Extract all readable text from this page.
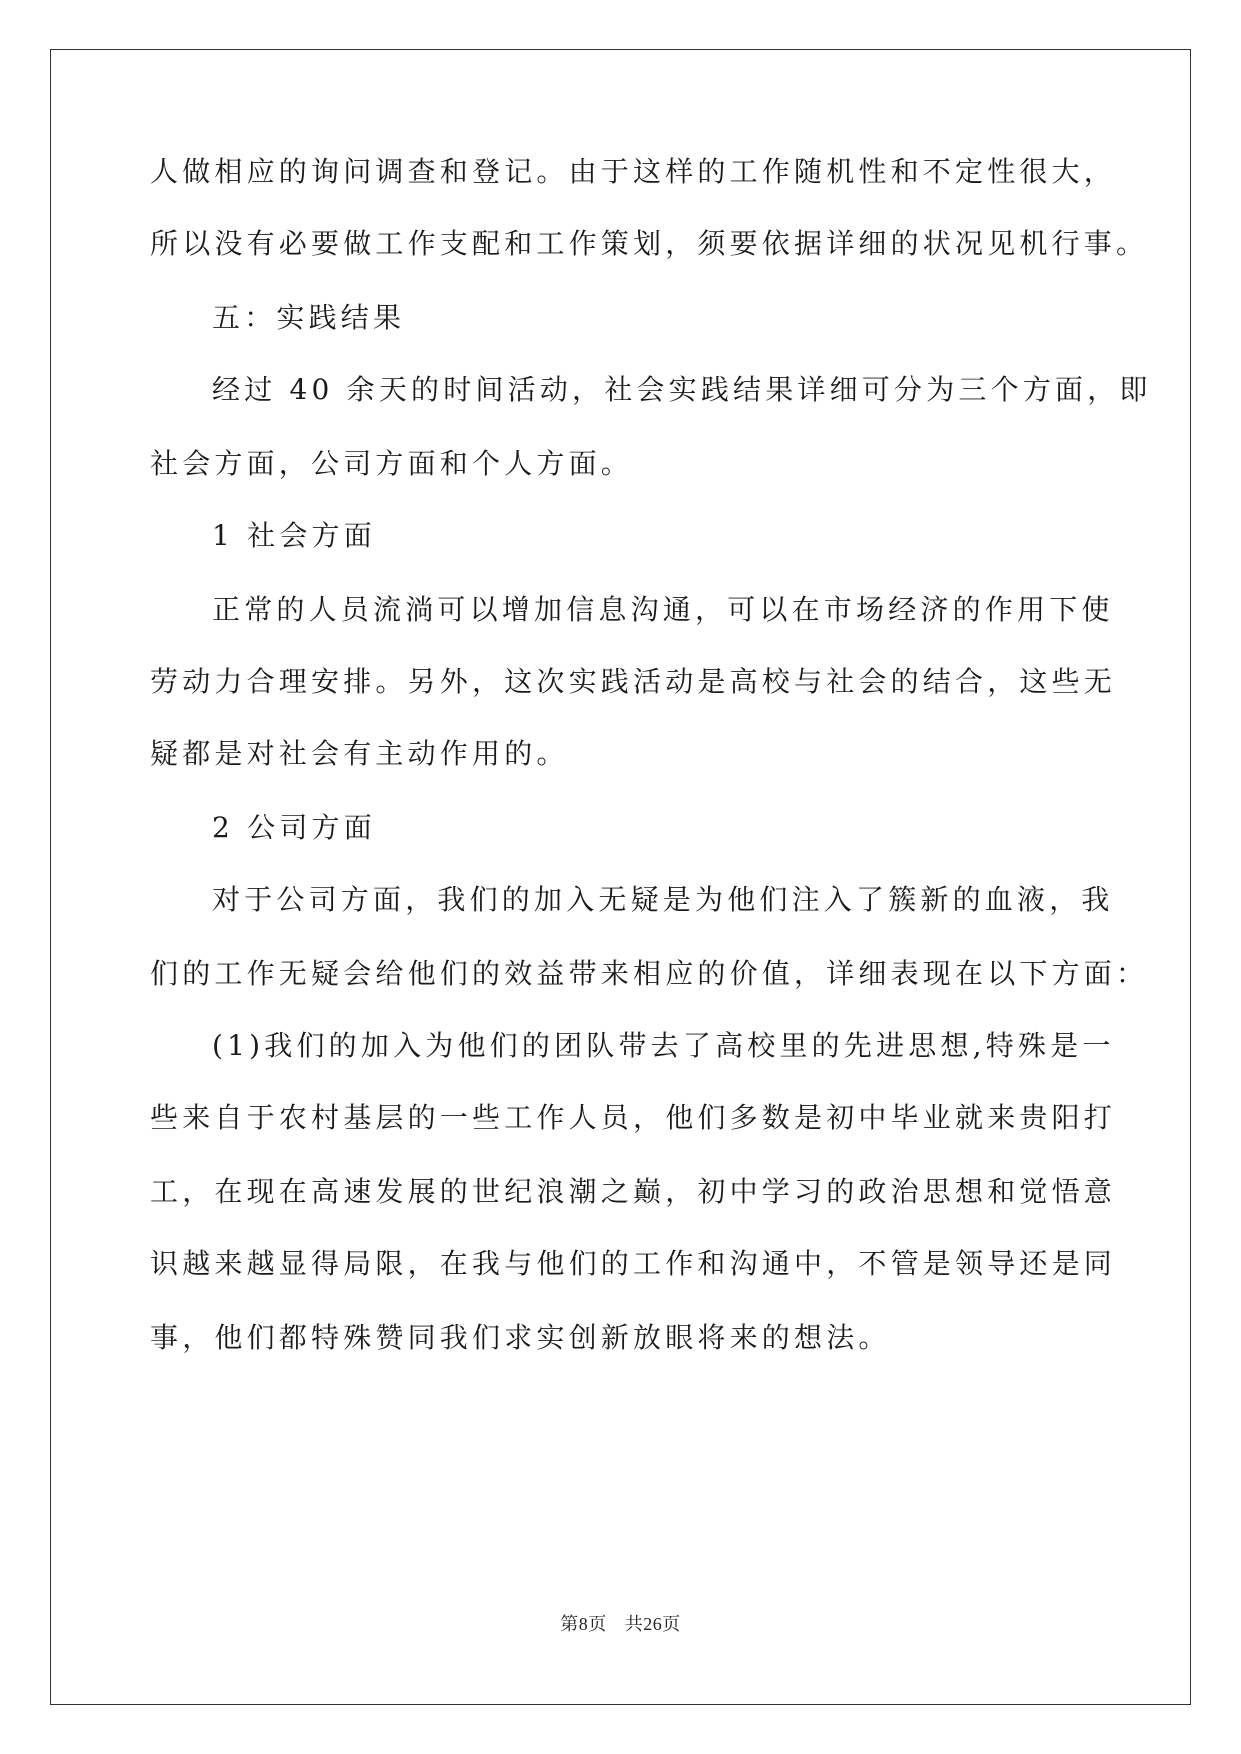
人做相应的询问调查和登记。由于这样的工作随机性和不定性很大，
所以没有必要做工作支配和工作策划，须要依据详细的状况见机行事。
五：实践结果
经过 40 余天的时间活动，社会实践结果详细可分为三个方面，即
社会方面，公司方面和个人方面。
1 社会方面
正常的人员流淌可以增加信息沟通，可以在市场经济的作用下使
劳动力合理安排。另外，这次实践活动是高校与社会的结合，这些无
疑都是对社会有主动作用的。
2 公司方面
对于公司方面，我们的加入无疑是为他们注入了簇新的血液，我
们的工作无疑会给他们的效益带来相应的价值，详细表现在以下方面：
(1)我们的加入为他们的团队带去了高校里的先进思想,特殊是一
些来自于农村基层的一些工作人员，他们多数是初中毕业就来贵阳打
工，在现在高速发展的世纪浪潮之巅，初中学习的政治思想和觉悟意
识越来越显得局限，在我与他们的工作和沟通中，不管是领导还是同
事，他们都特殊赞同我们求实创新放眼将来的想法。
第8页 共26页
